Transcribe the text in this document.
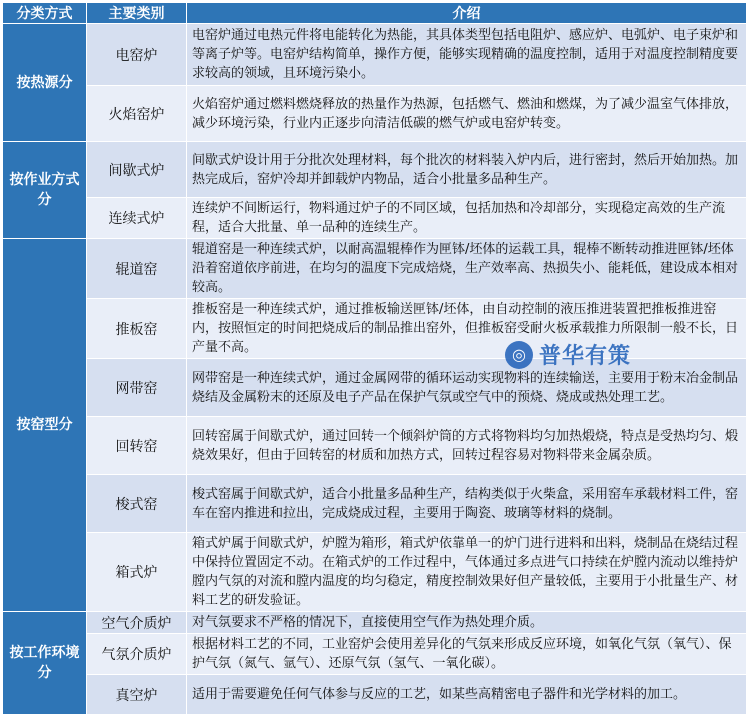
分类方式	主要类别	介绍
按热源分	电窑炉	电窑炉通过电热元件将电能转化为热能，其具体类型包括电阻炉、感应炉、电弧炉、电子束炉和等离子炉等。电窑炉结构简单，操作方便，能够实现精确的温度控制，适用于对温度控制精度要求较高的领域，且环境污染小。
	火焰窑炉	火焰窑炉通过燃料燃烧释放的热量作为热源，包括燃气、燃油和燃煤，为了减少温室气体排放，减少环境污染，行业内正逐步向清洁低碳的燃气炉或电窑炉转变。
按作业方式分	间歇式炉	间歇式炉设计用于分批次处理材料，每个批次的材料装入炉内后，进行密封，然后开始加热。加热完成后，窑炉冷却并卸载炉内物品，适合小批量多品种生产。
	连续式炉	连续炉不间断运行，物料通过炉子的不同区域，包括加热和冷却部分，实现稳定高效的生产流程，适合大批量、单一品种的连续生产。
按窑型分	辊道窑	辊道窑是一种连续式炉，以耐高温辊棒作为匣钵/坯体的运载工具，辊棒不断转动推进匣钵/坯体沿着窑道依序前进，在均匀的温度下完成焙烧，生产效率高、热损失小、能耗低，建设成本相对较高。
	推板窑	推板窑是一种连续式炉，通过推板输送匣钵/坯体，由自动控制的液压推进装置把推板推进窑内，按照恒定的时间把烧成后的制品推出窑外，但推板窑受耐火板承载推力所限制一般不长，日产量不高。
	网带窑	网带窑是一种连续式炉，通过金属网带的循环运动实现物料的连续输送，主要用于粉末冶金制品烧结及金属粉末的还原及电子产品在保护气氛或空气中的预烧、烧成或热处理工艺。
	回转窑	回转窑属于间歇式炉，通过回转一个倾斜炉筒的方式将物料均匀加热煅烧，特点是受热均匀、煅烧效果好，但由于回转窑的材质和加热方式，回转过程容易对物料带来金属杂质。
	梭式窑	梭式窑属于间歇式炉，适合小批量多品种生产，结构类似于火柴盒，采用窑车承载材料工件，窑车在窑内推进和拉出，完成烧成过程，主要用于陶瓷、玻璃等材料的烧制。
	箱式炉	箱式炉属于间歇式炉，炉膛为箱形，箱式炉依靠单一的炉门进行进料和出料，烧制品在烧结过程中保持位置固定不动。在箱式炉的工作过程中，气体通过多点进气口持续在炉膛内流动以维持炉膛内气氛的对流和膛内温度的均匀稳定，精度控制效果好但产量较低，主要用于小批量生产、材料工艺的研发验证。
按工作环境分	空气介质炉	对气氛要求不严格的情况下，直接使用空气作为热处理介质。
	气氛介质炉	根据材料工艺的不同，工业窑炉会使用差异化的气氛来形成反应环境，如氧化气氛（氧气）、保护气氛（氮气、氩气）、还原气氛（氢气、一氧化碳）。
	真空炉	适用于需要避免任何气体参与反应的工艺，如某些高精密电子器件和光学材料的加工。
◎ 普华有策
